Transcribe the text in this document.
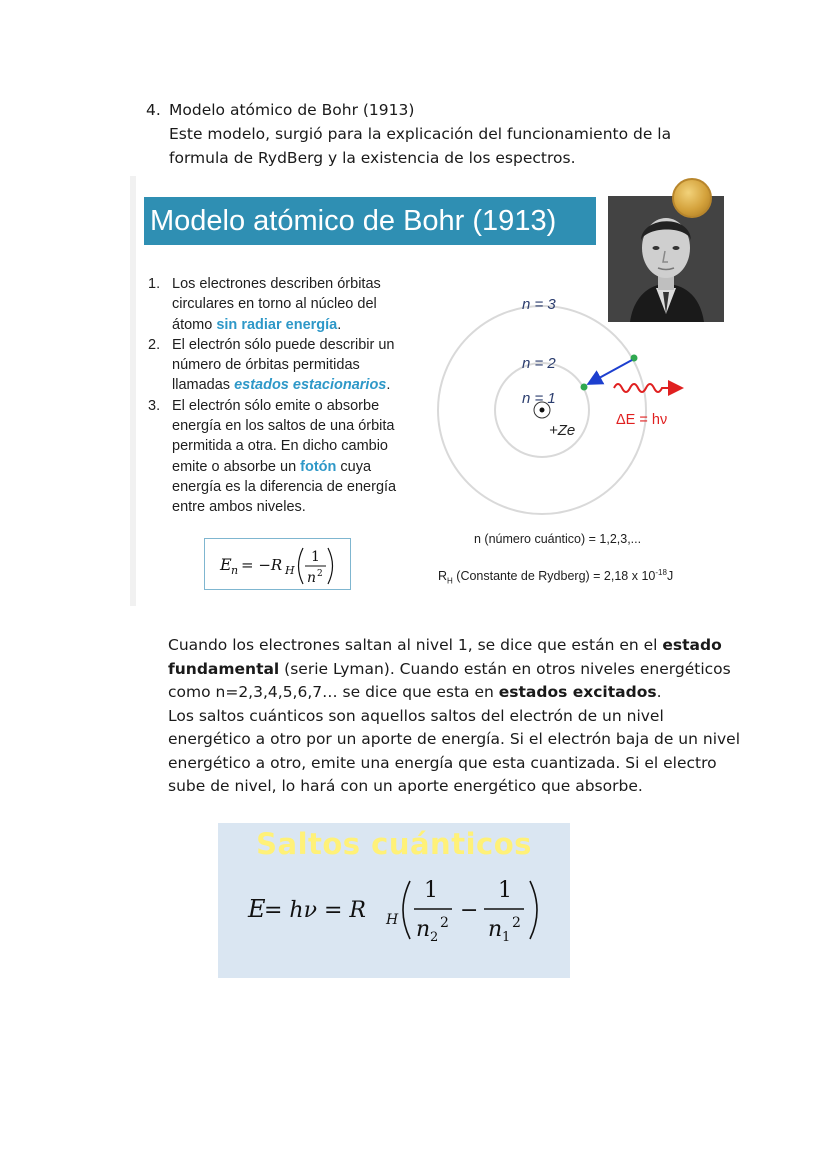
4. Modelo atómico de Bohr (1913)
Este modelo, surgió para la explicación del funcionamiento de la formula de RydBerg y la existencia de los espectros.
Modelo atómico de Bohr (1913)
1. Los electrones describen órbitas circulares en torno al núcleo del átomo sin radiar energía.
2. El electrón sólo puede describir un número de órbitas permitidas llamadas estados estacionarios.
3. El electrón sólo emite o absorbe energía en los saltos de una órbita permitida a otra. En dicho cambio emite o absorbe un fotón cuya energía es la diferencia de energía entre ambos niveles.
n = 3
n = 2
n = 1
+Ze
ΔE = hν
n (número cuántico) = 1,2,3,...
$R_H$ (Constante de Rydberg) = 2,18 x $10^{-18}J$
E n = −R H
1
n 2
Cuando los electrones saltan al nivel 1, se dice que están en el estado fundamental (serie Lyman). Cuando están en otros niveles energéticos como n=2,3,4,5,6,7… se dice que esta en estados excitados.
Los saltos cuánticos son aquellos saltos del electrón de un nivel energético a otro por un aporte de energía. Si el electrón baja de un nivel energético a otro, emite una energía que esta cuantizada. Si el electro sube de nivel, lo hará con un aporte energético que absorbe.
Saltos cuánticos
E
= hν = R H
1
n 2
2 −
1
n 1
2
